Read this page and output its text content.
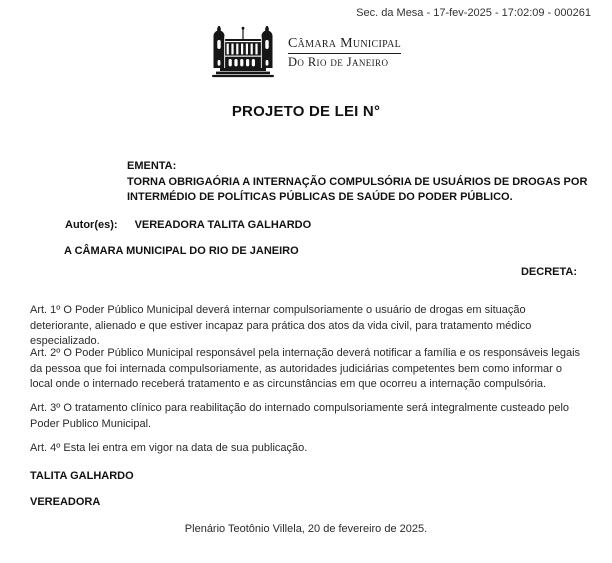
Sec. da Mesa - 17-fev-2025 - 17:02:09 - 000261
Câmara Municipal
Do Rio de Janeiro
PROJETO DE LEI N°
EMENTA:
TORNA OBRIGAÓRIA A INTERNAÇÃO COMPULSÓRIA DE USUÁRIOS DE DROGAS POR INTERMÉDIO DE POLÍTICAS PÚBLICAS DE SAÚDE DO PODER PÚBLICO.
Autor(es): VEREADORA TALITA GALHARDO
A CÂMARA MUNICIPAL DO RIO DE JANEIRO
DECRETA:
Art. 1º O Poder Público Municipal deverá internar compulsoriamente o usuário de drogas em situação deteriorante, alienado e que estiver incapaz para prática dos atos da vida civil, para tratamento médico especializado.
Art. 2º O Poder Público Municipal responsável pela internação deverá notificar a família e os responsáveis legais da pessoa que foi internada compulsoriamente, as autoridades judiciárias competentes bem como informar o local onde o internado receberá tratamento e as circunstâncias em que ocorreu a internação compulsória.
Art. 3º O tratamento clínico para reabilitação do internado compulsoriamente será integralmente custeado pelo Poder Publico Municipal.
Art. 4º Esta lei entra em vigor na data de sua publicação.
TALITA GALHARDO
VEREADORA
Plenário Teotônio Villela, 20 de fevereiro de 2025.
